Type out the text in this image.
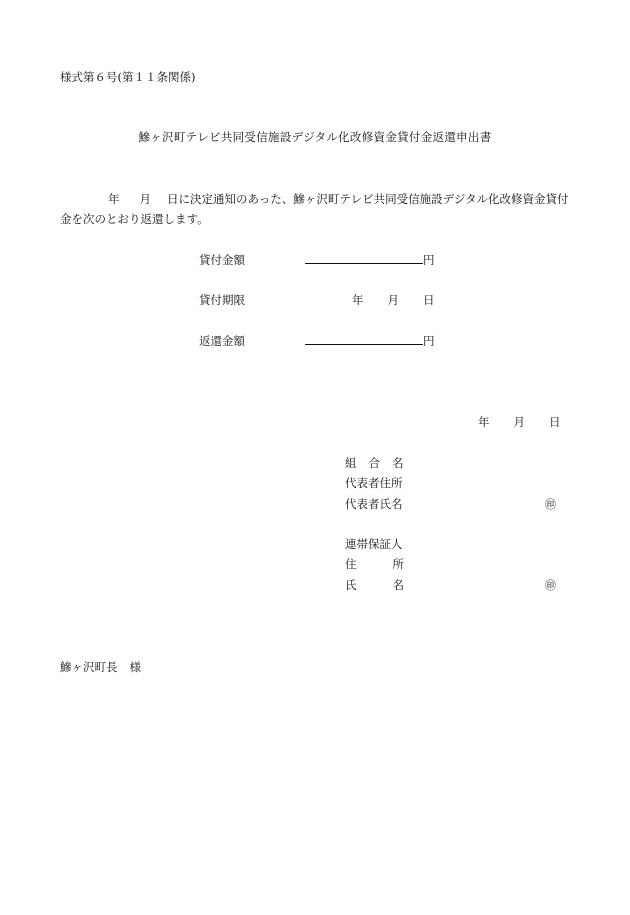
様式第６号(第１１条関係)
鰺ヶ沢町テレビ共同受信施設デジタル化改修資金貸付金返還申出書
年 月 日に決定通知のあった、鰺ヶ沢町テレビ共同受信施設デジタル化改修資金貸付
金を次のとおり返還します。
貸付金額	円
貸付期限	年 月 日
返還金額	円
年 月 日
組 合 名
代表者住所
代表者氏名	㊞
連帯保証人
住	所
氏	名	㊞
鰺ヶ沢町長 様
